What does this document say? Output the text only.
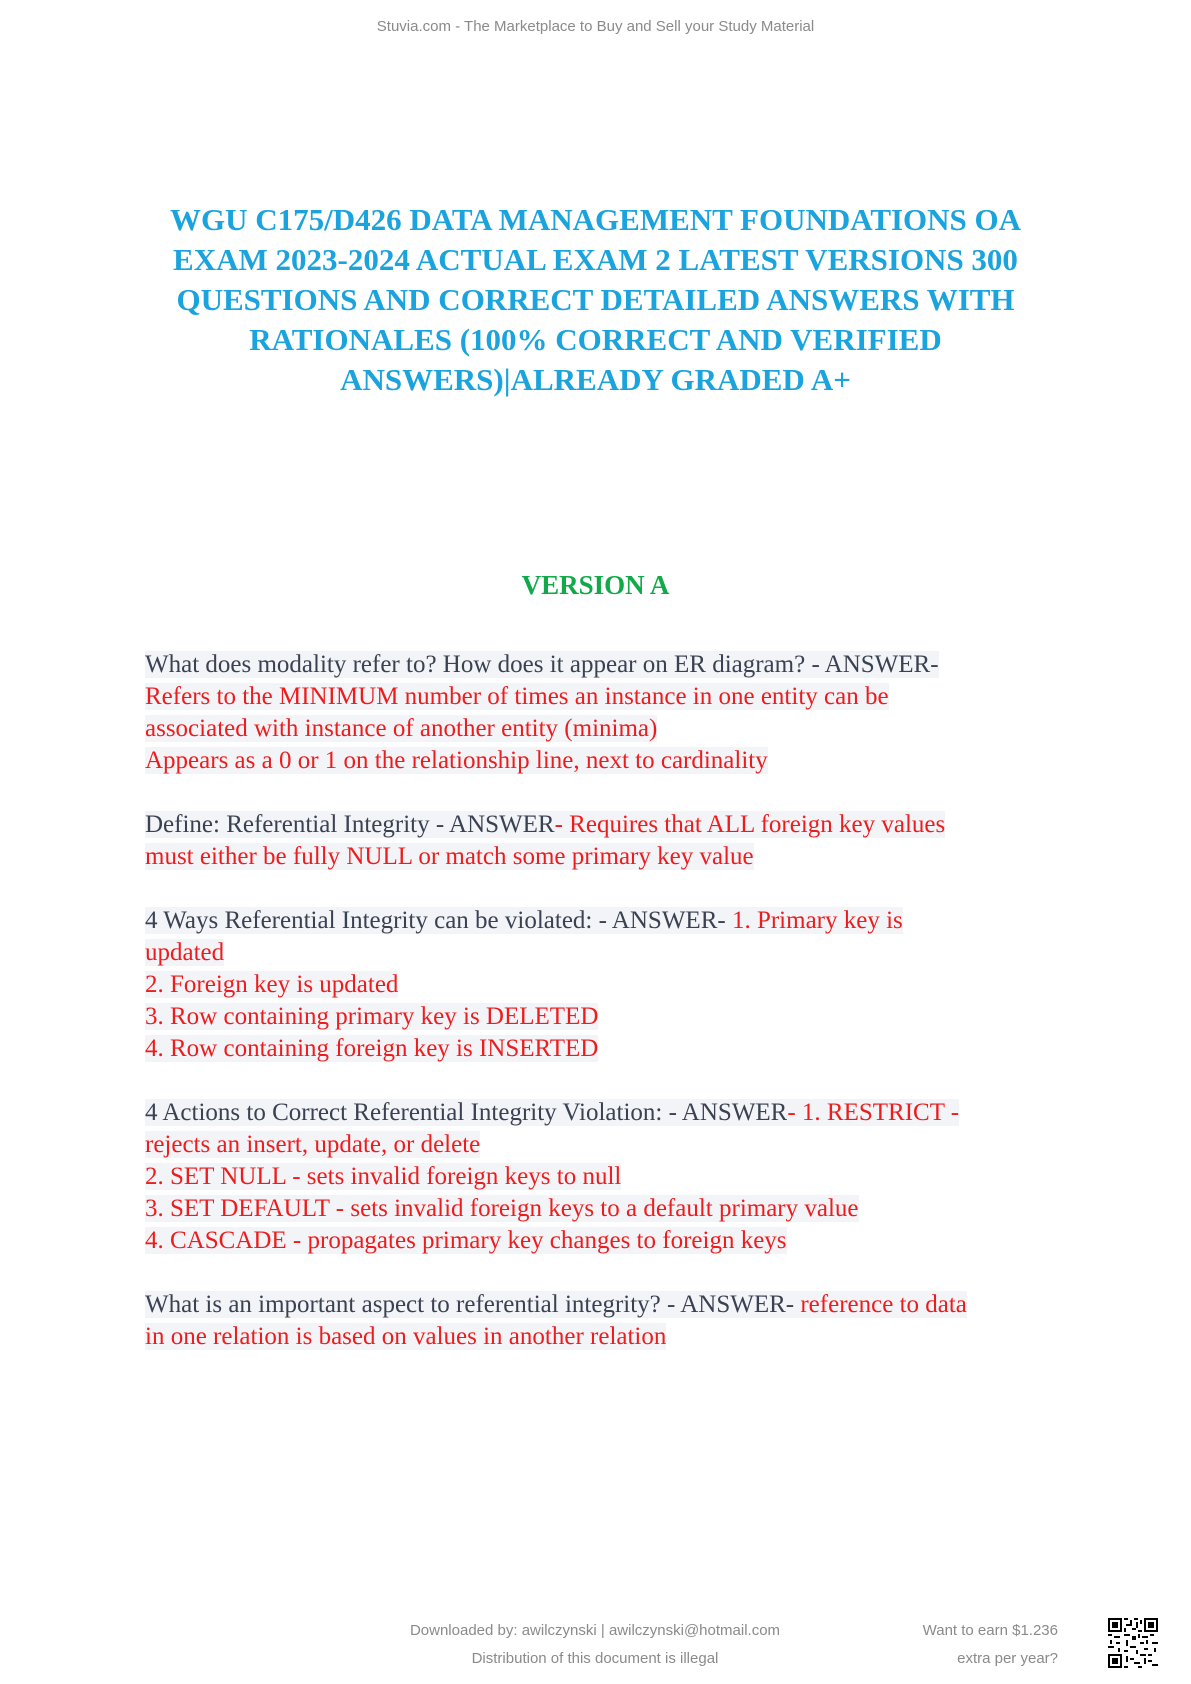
Stuvia.com - The Marketplace to Buy and Sell your Study Material
WGU C175/D426 DATA MANAGEMENT FOUNDATIONS OA EXAM 2023-2024 ACTUAL EXAM 2 LATEST VERSIONS 300 QUESTIONS AND CORRECT DETAILED ANSWERS WITH RATIONALES (100% CORRECT AND VERIFIED ANSWERS)|ALREADY GRADED A+
VERSION A
What does modality refer to? How does it appear on ER diagram? - ANSWER-
Refers to the MINIMUM number of times an instance in one entity can be
associated with instance of another entity (minima)
Appears as a 0 or 1 on the relationship line, next to cardinality
Define: Referential Integrity - ANSWER- Requires that ALL foreign key values
must either be fully NULL or match some primary key value
4 Ways Referential Integrity can be violated: - ANSWER- 1. Primary key is
updated
2. Foreign key is updated
3. Row containing primary key is DELETED
4. Row containing foreign key is INSERTED
4 Actions to Correct Referential Integrity Violation: - ANSWER- 1. RESTRICT -
rejects an insert, update, or delete
2. SET NULL - sets invalid foreign keys to null
3. SET DEFAULT - sets invalid foreign keys to a default primary value
4. CASCADE - propagates primary key changes to foreign keys
What is an important aspect to referential integrity? - ANSWER- reference to data
in one relation is based on values in another relation
Downloaded by: awilczynski | awilczynski@hotmail.com
Distribution of this document is illegal
Want to earn $1.236
extra per year?
